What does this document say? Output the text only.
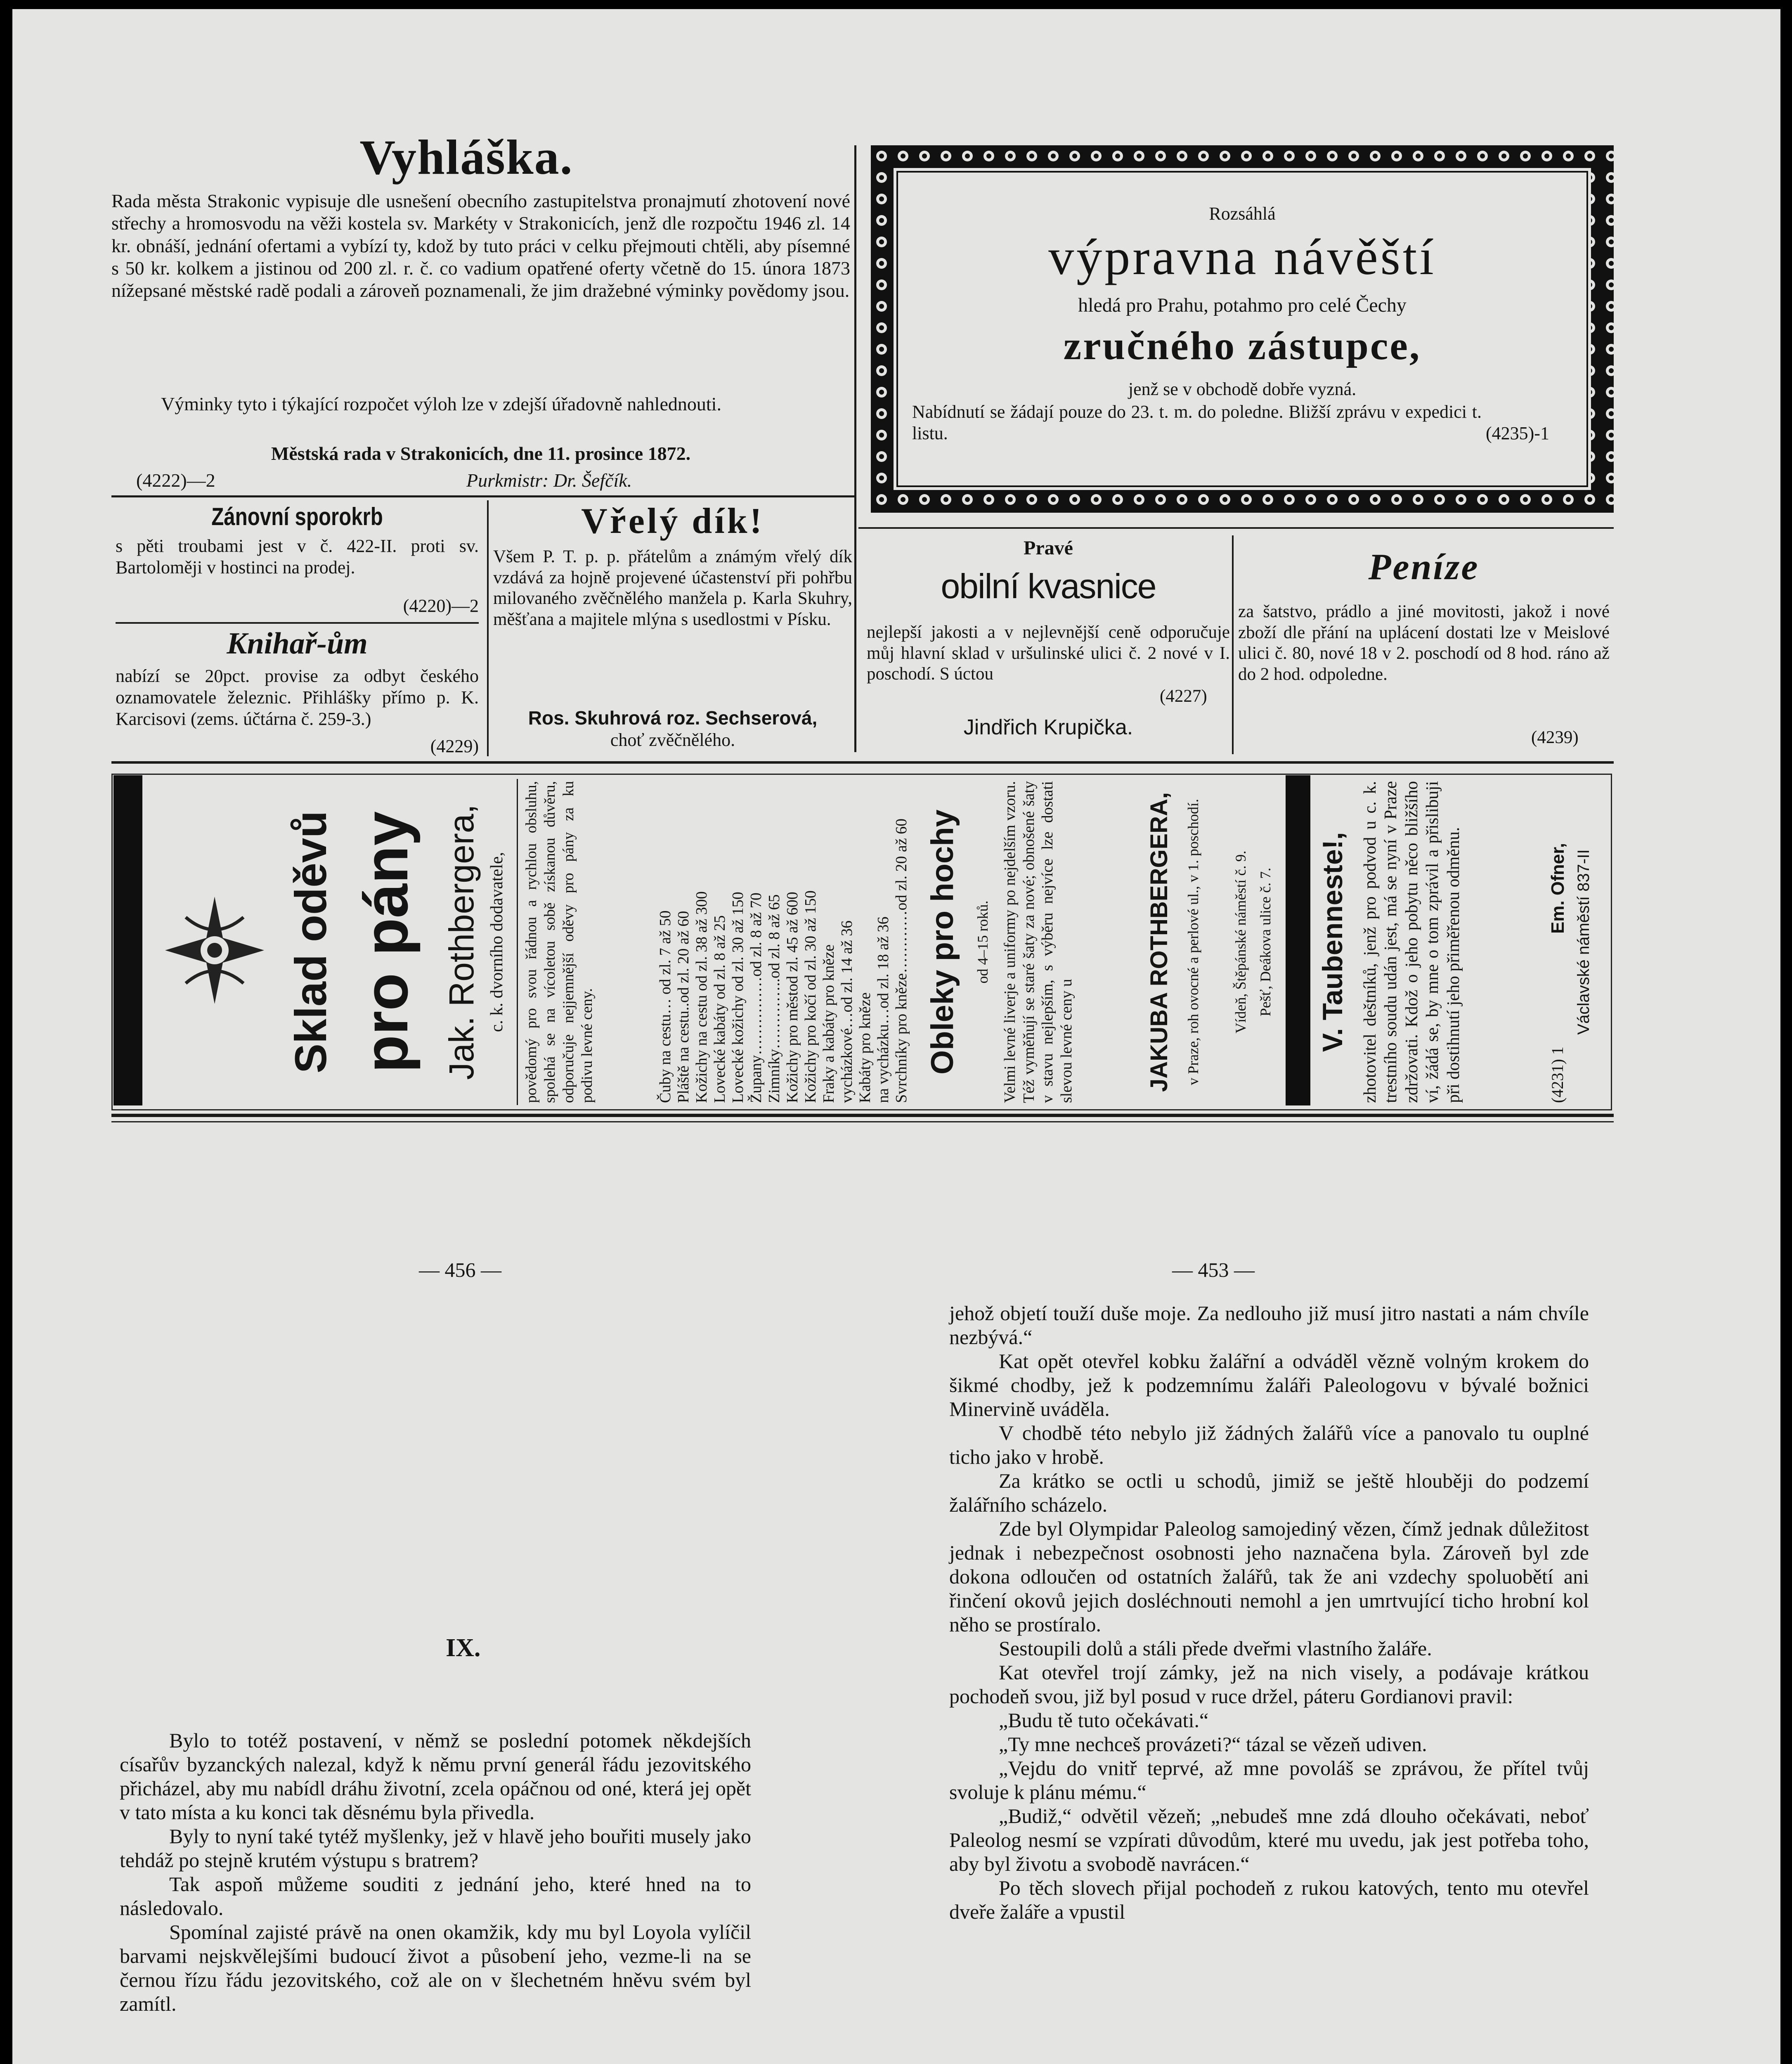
Vyhláška.
Rada města Strakonic vypisuje dle usnešení obecního zastupitelstva pronajmutí zhotovení nové střechy a hromosvodu na věži kostela sv. Markéty v Strakonicích, jenž dle rozpočtu 1946 zl. 14 kr. obnáší, jednání ofertami a vybízí ty, kdož by tuto práci v celku přejmouti chtěli, aby písemné s 50 kr. kolkem a jistinou od 200 zl. r. č. co vadium opatřené oferty včetně do 15. února 1873 nížepsané městské radě podali a zároveň poznamenali, že jim dražebné výminky povědomy jsou.
Výminky tyto i týkající rozpočet výloh lze v zdejší úřadovně nahlednouti.
Městská rada v Strakonicích, dne 11. prosince 1872.
(4222)—2	Purkmistr: Dr. Šefčík.
Zánovní sporokrb
s pěti troubami jest v č. 422-II. proti sv. Bartoloměji v hostinci na prodej.
(4220)—2
Knihař-ům
nabízí se 20pct. provise za odbyt českého oznamovatele železnic. Přihlášky přímo p. K. Karcisovi (zems. účtárna č. 259-3.)
(4229)
Vřelý dík!
Všem P. T. p. p. přátelům a známým vřelý dík vzdává za hojně projevené účastenství při pohřbu milovaného zvěčnělého manžela p. Karla Skuhry, měšťana a majitele mlýna s usedlostmi v Písku.
Ros. Skuhrová roz. Sechserová,
choť zvěčnělého.
Rozsáhlá
výpravna návěští
hledá pro Prahu, potahmo pro celé Čechy
zručného zástupce,
jenž se v obchodě dobře vyzná.
Nabídnutí se žádají pouze do 23. t. m. do poledne. Bližší zprávu v expedici t. listu.	(4235)-1
Pravé
obilní kvasnice
nejlepší jakosti a v nejlevnější ceně odporučuje můj hlavní sklad v uršulinské ulici č. 2 nové v I. poschodí. S úctou
(4227)
Jindřich Krupička.
Peníze
za šatstvo, prádlo a jiné movitosti, jakož i nové zboží dle přání na uplácení dostati lze v Meislové ulici č. 80, nové 18 v 2. poschodí od 8 hod. ráno až do 2 hod. odpoledne.
(4239)
Sklad oděvů pro pány Jak. Rothbergera, c. k. dvorního dodavatele, povědomý pro svou řádnou a rychlou obsluhu, spolehá se na vícoletou sobě získanou důvěru, odporučuje nejjemnější oděvy pro pány za ku podivu levné ceny.	Čuby na cestu… od zl. 7 až 50 Pláště na cestu..od zl. 20 až 60 Kožichy na cestu od zl. 38 až 300 Lovecké kabáty od zl. 8 až 25 Lovecké kožichy od zl. 30 až 150 Župany……………od zl. 8 až 70 Zimníky…………..od zl. 8 až 65 Kožichy pro městod zl. 45 až 600 Kožichy pro kočí od zl. 30 až 150 Fraky a kabáty pro kněze vycházkové…od zl. 14 až 36 Kabáty pro kněze na vycházku…od zl. 18 až 36 Svrchníky pro kněze…………od zl. 20 až 60 Obleky pro hochy od 4–15 roků. Velmi levné liverje a uniformy po nejdelším vzoru. Též vyměňují se staré šaty za nové; obnošené šaty v stavu nejlepším, s výběru nejvíce lze dostati slevou levné ceny u	JAKUBA ROTHBERGERA, v Praze, roh ovocné a perlové ul., v 1. poschodí. Vídeň, Štěpánské náměstí č. 9. Pešť, Deákova ulice č. 7. V. Taubenneste!, zhotovitel deštníků, jenž pro podvod u c. k. trestního soudu udán jest, má se nyní v Praze zdržovati. Kdož o jeho pobytu něco bližšího ví, žádá se, by mne o tom zprávil a přislibuji při dostihnutí jeho přiměřenou odměnu.	(4231) 1
Em. Ofner, Václavské náměstí 837-II
— 456 —	— 453 —
IX.

Bylo to totéž postavení, v němž se poslední potomek někdejších císařův byzanckých nalezal, když k němu první generál řádu jezovitského přicházel, aby mu nabídl dráhu životní, zcela opáčnou od oné, která jej opět v tato místa a ku konci tak děsnému byla přivedla.

Byly to nyní také tytéž myšlenky, jež v hlavě jeho bouřiti musely jako tehdáž po stejně krutém výstupu s bratrem?

Tak aspoň můžeme souditi z jednání jeho, které hned na to následovalo.

Spomínal zajisté právě na onen okamžik, kdy mu byl Loyola vylíčil barvami nejskvělejšími budoucí život a působení jeho, vezme-li na se černou řízu řádu jezovitského, což ale on v šlechetném hněvu svém byl zamítl.

jehož objetí touží duše moje. Za nedlouho již musí jitro nastati a nám chvíle nezbývá.“

Kat opět otevřel kobku žalářní a odváděl vězně volným krokem do šikmé chodby, jež k podzemnímu žaláři Paleologovu v bývalé božnici Minervině uváděla.

V chodbě této nebylo již žádných žalářů více a panovalo tu ouplné ticho jako v hrobě.

Za krátko se octli u schodů, jimiž se ještě hlouběji do podzemí žalářního scházelo.

Zde byl Olympidar Paleolog samojediný vězen, čímž jednak důležitost jednak i nebezpečnost osobnosti jeho naznačena byla. Zároveň byl zde dokona odloučen od ostatních žalářů, tak že ani vzdechy spoluobětí ani řinčení okovů jejich dosléchnouti nemohl a jen umrtvující ticho hrobní kol něho se prostíralo.

Sestoupili dolů a stáli přede dveřmi vlastního žaláře.

Kat otevřel trojí zámky, jež na nich visely, a podávaje krátkou pochodeň svou, již byl posud v ruce držel, páteru Gordianovi pravil:

„Budu tě tuto očekávati.“

„Ty mne nechceš provázeti?“ tázal se vězeň udiven.

„Vejdu do vnitř teprvé, až mne povoláš se zprávou, že přítel tvůj svoluje k plánu mému.“

„Budiž,“ odvětil vězeň; „nebudeš mne zdá dlouho očekávati, neboť Paleolog nesmí se vzpírati důvodům, které mu uvedu, jak jest potřeba toho, aby byl životu a svobodě navrácen.“

Po těch slovech přijal pochodeň z rukou katových, tento mu otevřel dveře žaláře a vpustil
